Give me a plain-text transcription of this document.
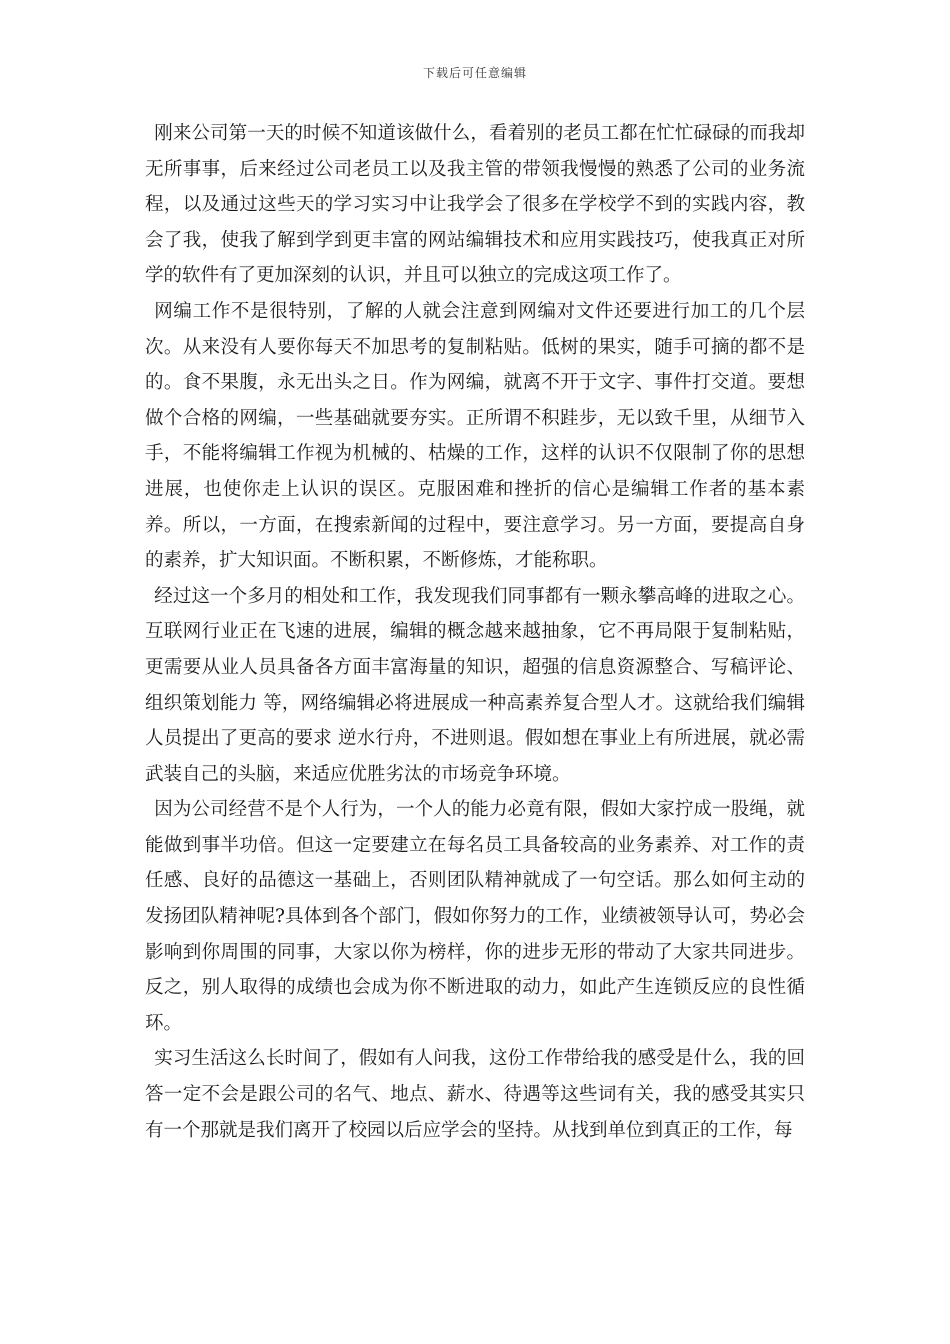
下载后可任意编辑

刚来公司第一天的时候不知道该做什么，看着别的老员工都在忙忙碌碌的而我却无所事事，后来经过公司老员工以及我主管的带领我慢慢的熟悉了公司的业务流程，以及通过这些天的学习实习中让我学会了很多在学校学不到的实践内容，教会了我，使我了解到学到更丰富的网站编辑技术和应用实践技巧，使我真正对所学的软件有了更加深刻的认识，并且可以独立的完成这项工作了。

网编工作不是很特别，了解的人就会注意到网编对文件还要进行加工的几个层次。从来没有人要你每天不加思考的复制粘贴。低树的果实，随手可摘的都不是的。食不果腹，永无出头之日。作为网编，就离不开于文字、事件打交道。要想做个合格的网编，一些基础就要夯实。正所谓不积跬步，无以致千里，从细节入手，不能将编辑工作视为机械的、枯燥的工作，这样的认识不仅限制了你的思想进展，也使你走上认识的误区。克服困难和挫折的信心是编辑工作者的基本素养。所以，一方面，在搜索新闻的过程中，要注意学习。另一方面，要提高自身的素养，扩大知识面。不断积累，不断修炼，才能称职。

经过这一个多月的相处和工作，我发现我们同事都有一颗永攀高峰的进取之心。互联网行业正在飞速的进展，编辑的概念越来越抽象，它不再局限于复制粘贴，更需要从业人员具备各方面丰富海量的知识，超强的信息资源整合、写稿评论、组织策划能力 等，网络编辑必将进展成一种高素养复合型人才。这就给我们编辑人员提出了更高的要求 逆水行舟，不进则退。假如想在事业上有所进展，就必需武装自己的头脑，来适应优胜劣汰的市场竞争环境。

因为公司经营不是个人行为，一个人的能力必竟有限，假如大家拧成一股绳，就能做到事半功倍。但这一定要建立在每名员工具备较高的业务素养、对工作的责任感、良好的品德这一基础上，否则团队精神就成了一句空话。那么如何主动的发扬团队精神呢?具体到各个部门，假如你努力的工作，业绩被领导认可，势必会影响到你周围的同事，大家以你为榜样，你的进步无形的带动了大家共同进步。反之，别人取得的成绩也会成为你不断进取的动力，如此产生连锁反应的良性循环。

实习生活这么长时间了，假如有人问我，这份工作带给我的感受是什么，我的回答一定不会是跟公司的名气、地点、薪水、待遇等这些词有关，我的感受其实只有一个那就是我们离开了校园以后应学会的坚持。从找到单位到真正的工作，每
